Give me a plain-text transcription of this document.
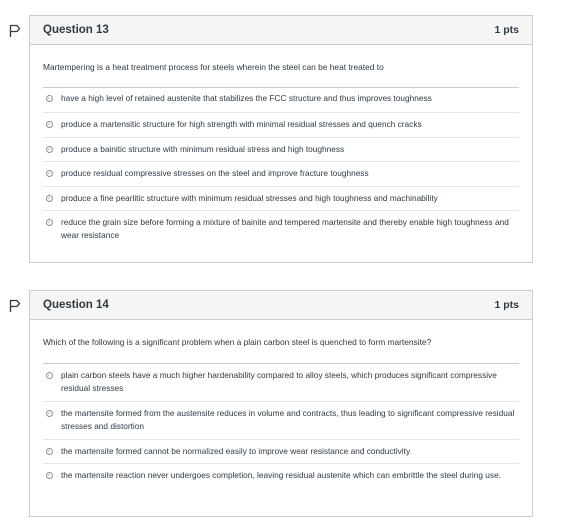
Question 13	1 pts

Martempering is a heat treatment process for steels wherein the steel can be heat treated to

have a high level of retained austenite that stabilizes the FCC structure and thus improves toughness
produce a martensitic structure for high strength with minimal residual stresses and quench cracks
produce a bainitic structure with minimum residual stress and high toughness
produce residual compressive stresses on the steel and improve fracture toughness
produce a fine pearlitic structure with minimum residual stresses and high toughness and machinability
reduce the grain size before forming a mixture of bainite and tempered martensite and thereby enable high toughness and wear resistance
Question 14	1 pts

Which of the following is a significant problem when a plain carbon steel is quenched to form martensite?

plain carbon steels have a much higher hardenability compared to alloy steels, which produces significant compressive residual stresses
the martensite formed from the austensite reduces in volume and contracts, thus leading to significant compressive residual stresses and distortion
the martensite formed cannot be normalized easily to improve wear resistance and conductivity
the martensite reaction never undergoes completion, leaving residual austenite which can embrittle the steel during use.
